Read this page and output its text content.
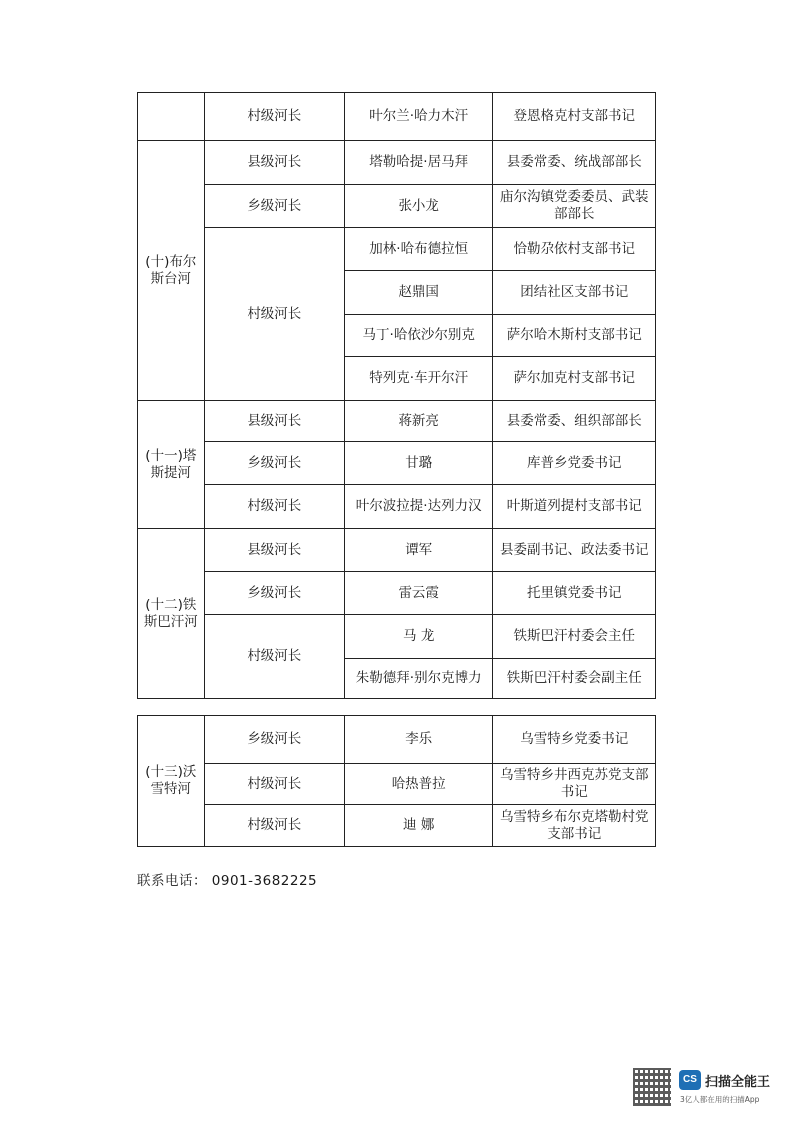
	村级河长	叶尔兰·哈力木汗	登恩格克村支部书记
(十)布尔斯台河	县级河长	塔勒哈提·居马拜	县委常委、统战部部长
	乡级河长	张小龙	庙尔沟镇党委委员、武装部部长
	村级河长	加林·哈布德拉恒	恰勒尕依村支部书记
		赵鼎国	团结社区支部书记
		马丁·哈依沙尔别克	萨尔哈木斯村支部书记
		特列克·车开尔汗	萨尔加克村支部书记
(十一)塔斯提河	县级河长	蒋新亮	县委常委、组织部部长
	乡级河长	甘璐	库普乡党委书记
	村级河长	叶尔波拉提·达列力汉	叶斯道列提村支部书记
(十二)铁斯巴汗河	县级河长	谭军	县委副书记、政法委书记
	乡级河长	雷云霞	托里镇党委书记
	村级河长	马 龙	铁斯巴汗村委会主任
		朱勒德拜·别尔克博力	铁斯巴汗村委会副主任
(十三)沃雪特河	乡级河长	李乐	乌雪特乡党委书记
	村级河长	哈热普拉	乌雪特乡井西克苏党支部书记
	村级河长	迪 娜	乌雪特乡布尔克塔勒村党支部书记
联系电话： 0901-3682225
CS 扫描全能王
3亿人都在用的扫描App
